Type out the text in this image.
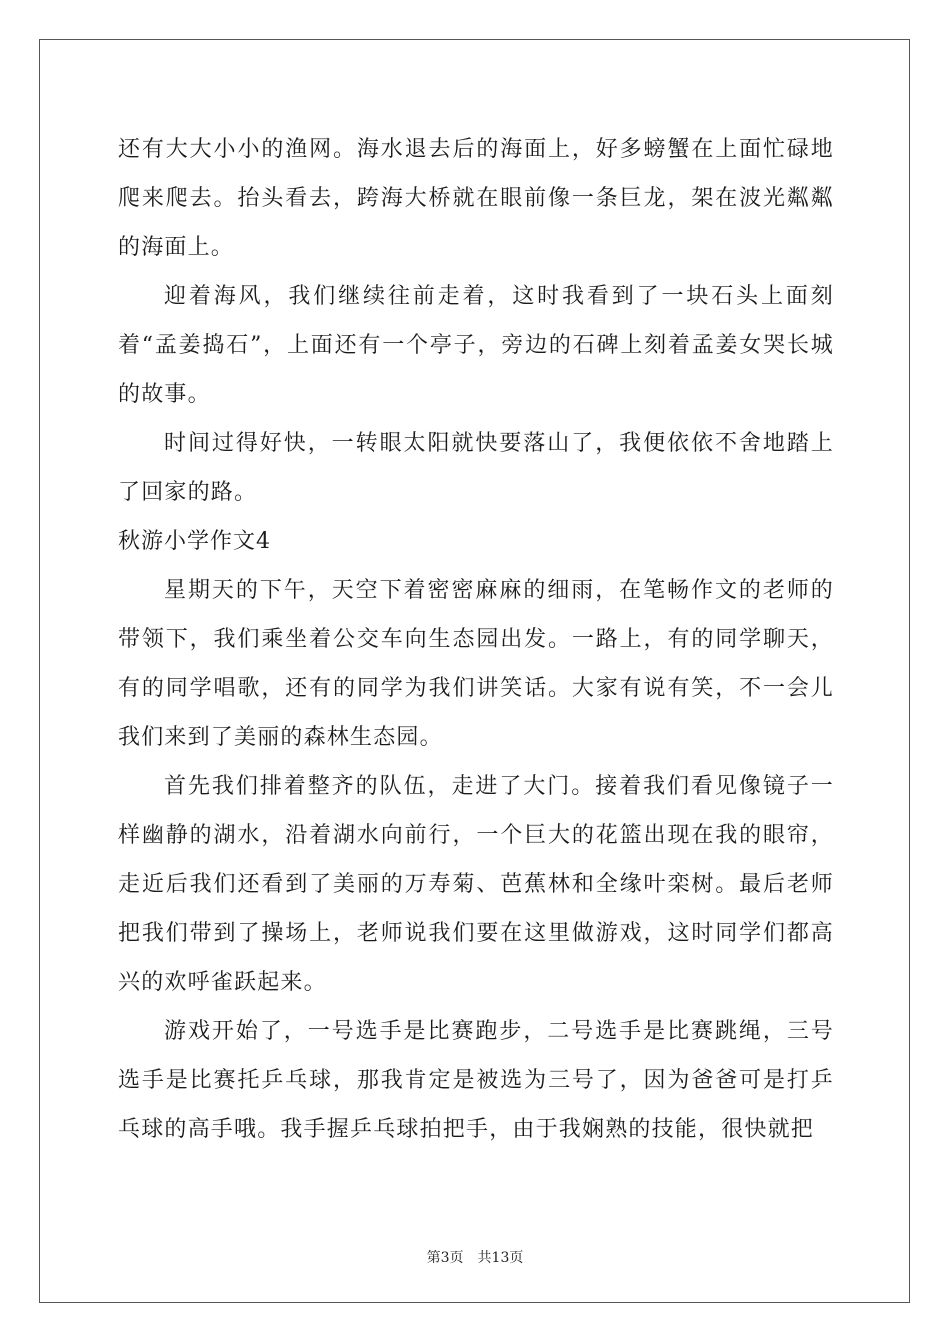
还有大大小小的渔网。海水退去后的海面上，好多螃蟹在上面忙碌地爬来爬去。抬头看去，跨海大桥就在眼前像一条巨龙，架在波光粼粼的海面上。

迎着海风，我们继续往前走着，这时我看到了一块石头上面刻着“孟姜捣石”，上面还有一个亭子，旁边的石碑上刻着孟姜女哭长城的故事。

时间过得好快，一转眼太阳就快要落山了，我便依依不舍地踏上了回家的路。

秋游小学作文4

星期天的下午，天空下着密密麻麻的细雨，在笔畅作文的老师的带领下，我们乘坐着公交车向生态园出发。一路上，有的同学聊天，有的同学唱歌，还有的同学为我们讲笑话。大家有说有笑，不一会儿我们来到了美丽的森林生态园。

首先我们排着整齐的队伍，走进了大门。接着我们看见像镜子一样幽静的湖水，沿着湖水向前行，一个巨大的花篮出现在我的眼帘，走近后我们还看到了美丽的万寿菊、芭蕉林和全缘叶栾树。最后老师把我们带到了操场上，老师说我们要在这里做游戏，这时同学们都高兴的欢呼雀跃起来。

游戏开始了，一号选手是比赛跑步，二号选手是比赛跳绳，三号选手是比赛托乒乓球，那我肯定是被选为三号了，因为爸爸可是打乒乓球的高手哦。我手握乒乓球拍把手，由于我娴熟的技能，很快就把

第3页 共13页
